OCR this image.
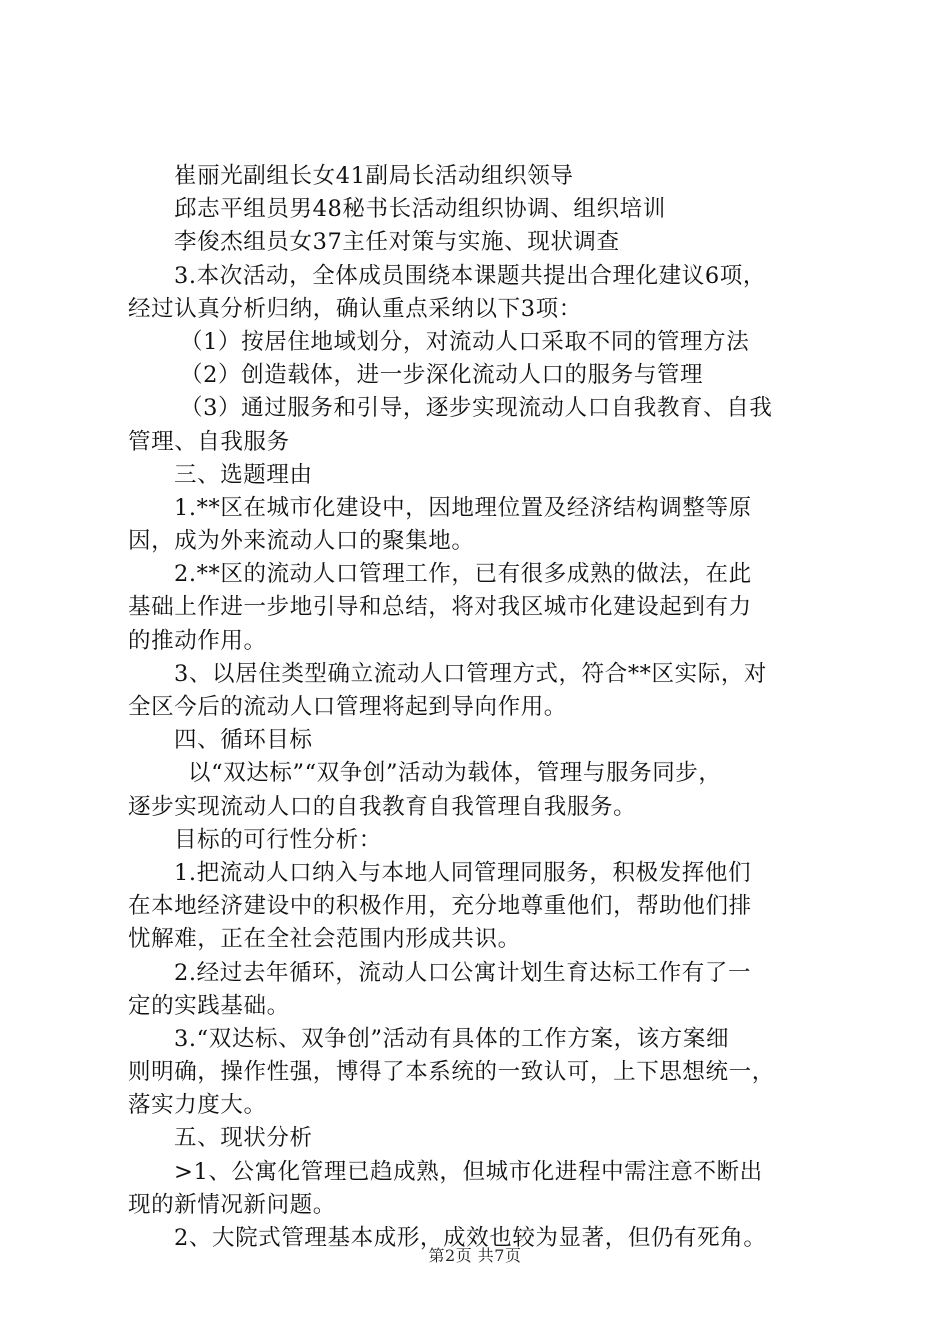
崔丽光副组长女41副局长活动组织领导
邱志平组员男48秘书长活动组织协调、组织培训
李俊杰组员女37主任对策与实施、现状调查
3.本次活动，全体成员围绕本课题共提出合理化建议6项，
经过认真分析归纳，确认重点采纳以下3项：
（1）按居住地域划分，对流动人口采取不同的管理方法
（2）创造载体，进一步深化流动人口的服务与管理
（3）通过服务和引导，逐步实现流动人口自我教育、自我
管理、自我服务
三、选题理由
1.**区在城市化建设中，因地理位置及经济结构调整等原
因，成为外来流动人口的聚集地。
2.**区的流动人口管理工作，已有很多成熟的做法，在此
基础上作进一步地引导和总结，将对我区城市化建设起到有力
的推动作用。
3、以居住类型确立流动人口管理方式，符合**区实际，对
全区今后的流动人口管理将起到导向作用。
四、循环目标
以“双达标”“双争创”活动为载体，管理与服务同步，
逐步实现流动人口的自我教育自我管理自我服务。
目标的可行性分析：
1.把流动人口纳入与本地人同管理同服务，积极发挥他们
在本地经济建设中的积极作用，充分地尊重他们，帮助他们排
忧解难，正在全社会范围内形成共识。
2.经过去年循环，流动人口公寓计划生育达标工作有了一
定的实践基础。
3.“双达标、双争创”活动有具体的工作方案，该方案细
则明确，操作性强，博得了本系统的一致认可，上下思想统一，
落实力度大。
五、现状分析
>1、公寓化管理已趋成熟，但城市化进程中需注意不断出
现的新情况新问题。
2、大院式管理基本成形，成效也较为显著，但仍有死角。
第2页 共7页
